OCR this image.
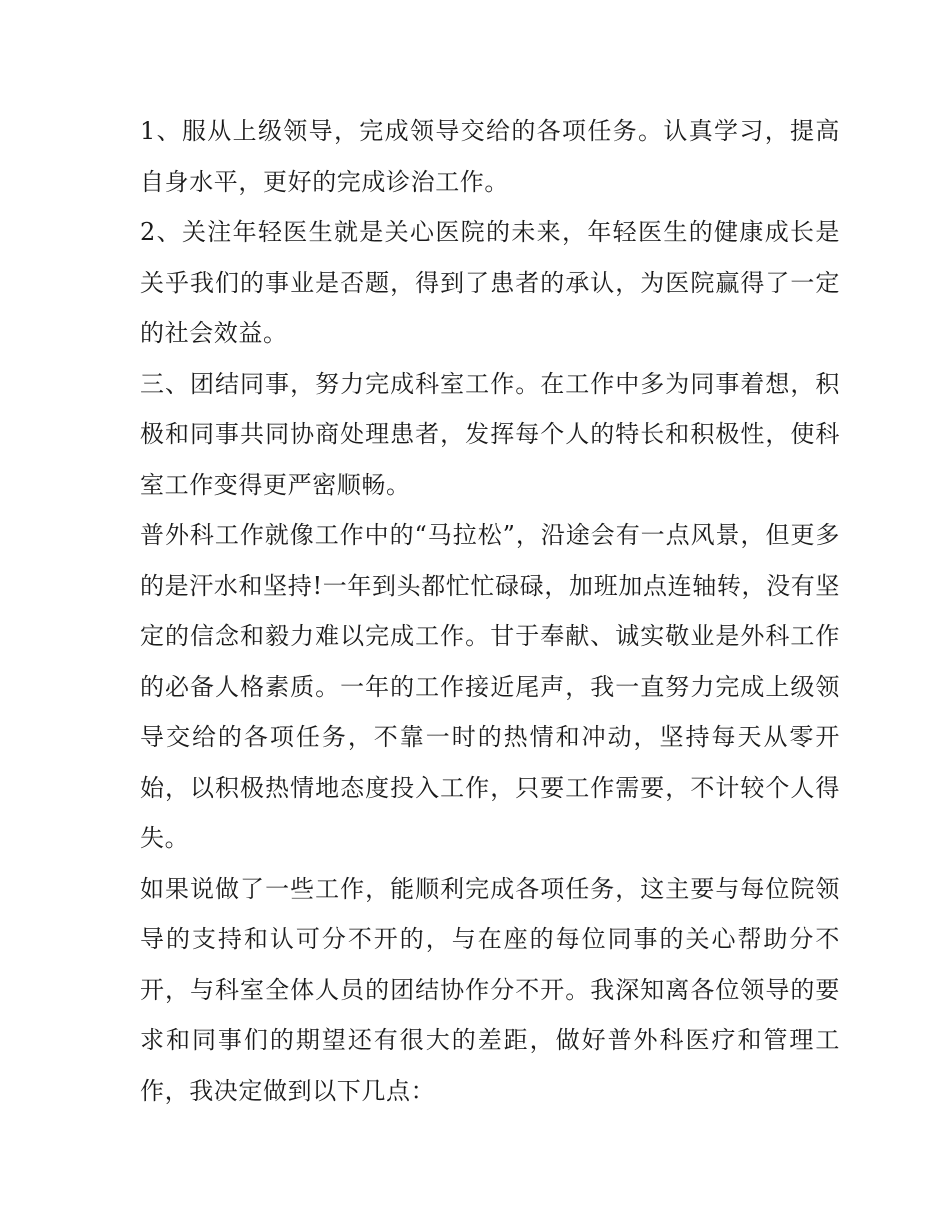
1、服从上级领导，完成领导交给的各项任务。认真学习，提高自身水平，更好的完成诊治工作。

2、关注年轻医生就是关心医院的未来，年轻医生的健康成长是关乎我们的事业是否题，得到了患者的承认，为医院赢得了一定的社会效益。

三、团结同事，努力完成科室工作。在工作中多为同事着想，积极和同事共同协商处理患者，发挥每个人的特长和积极性，使科室工作变得更严密顺畅。

普外科工作就像工作中的“马拉松”，沿途会有一点风景，但更多的是汗水和坚持!一年到头都忙忙碌碌，加班加点连轴转，没有坚定的信念和毅力难以完成工作。甘于奉献、诚实敬业是外科工作的必备人格素质。一年的工作接近尾声，我一直努力完成上级领导交给的各项任务，不靠一时的热情和冲动，坚持每天从零开始，以积极热情地态度投入工作，只要工作需要，不计较个人得失。

如果说做了一些工作，能顺利完成各项任务，这主要与每位院领导的支持和认可分不开的，与在座的每位同事的关心帮助分不开，与科室全体人员的团结协作分不开。我深知离各位领导的要求和同事们的期望还有很大的差距，做好普外科医疗和管理工作，我决定做到以下几点：
